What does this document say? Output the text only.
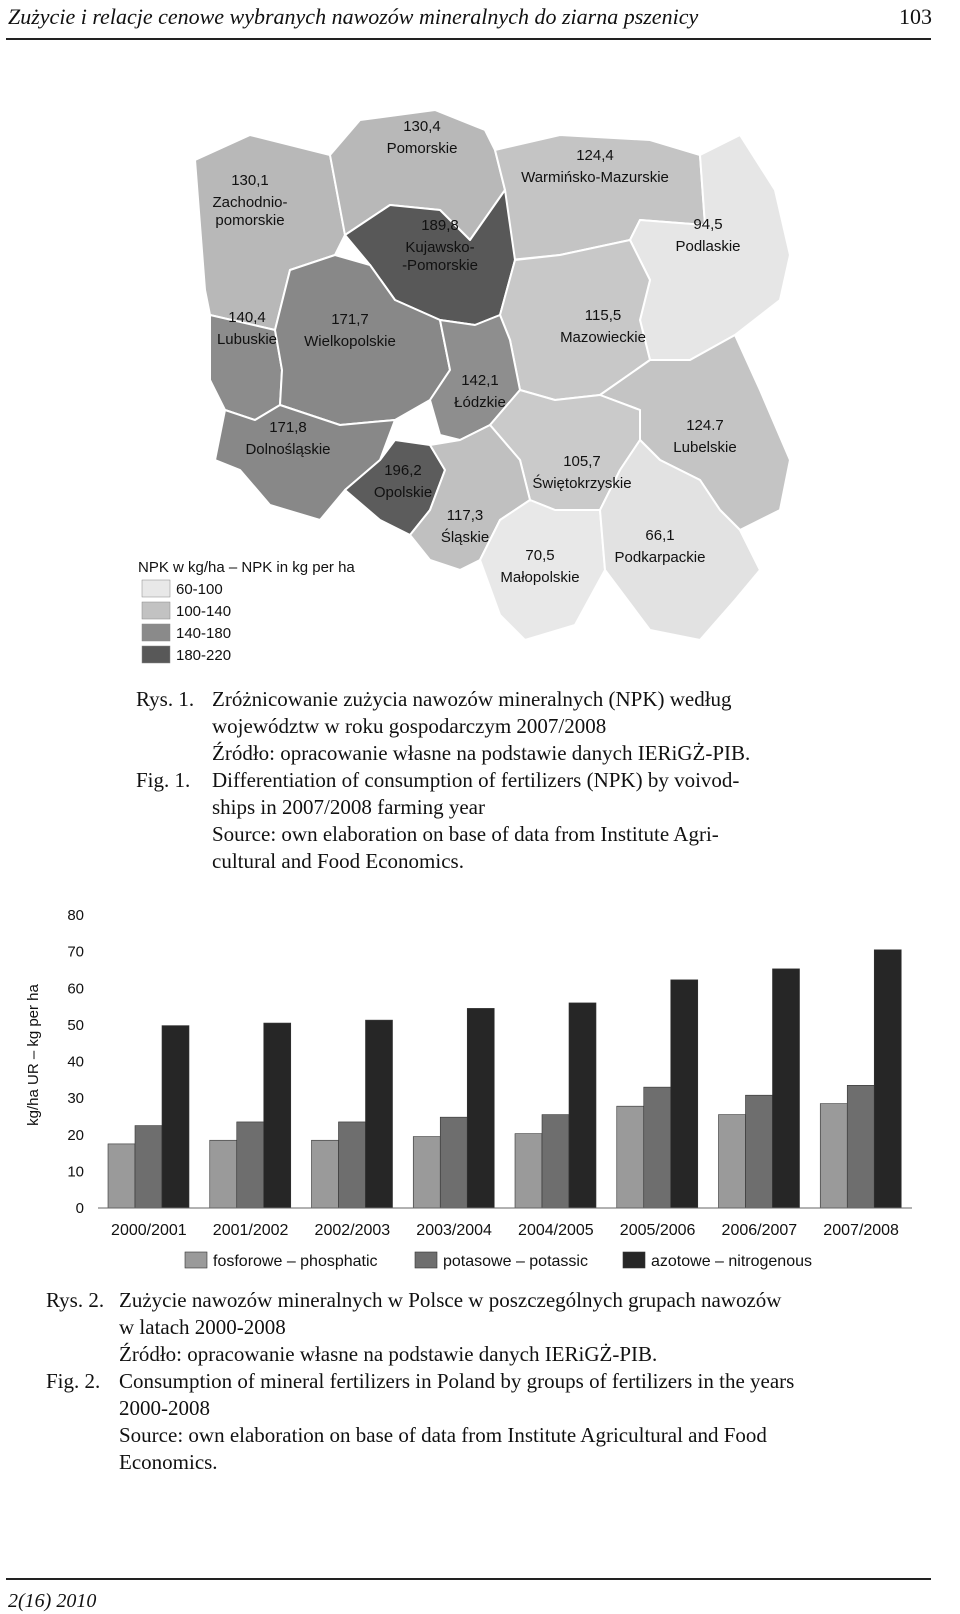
Zużycie i relacje cenowe wybranych nawozów mineralnych do ziarna pszenicy	103
130,1
Zachodnio-
pomorskie
130,4
Pomorskie	124,4
Warmińsko-Mazurskie
94,5
Podlaskie
189,8
Kujawsko-
-Pomorskie
140,4
Lubuskie
171,7
Wielkopolskie
115,5
Mazowieckie
142,1
Łódzkie
171,8
Dolnośląskie
196,2
Opolskie
124.7
Lubelskie
105,7
Świętokrzyskie
117,3
Śląskie
70,5
Małopolskie
66,1
Podkarpackie
NPK w kg/ha – NPK in kg per ha
60-100
100-140
140-180
180-220
Rys. 1. Zróżnicowanie zużycia nawozów mineralnych (NPK) według
województw w roku gospodarczym 2007/2008
Źródło: opracowanie własne na podstawie danych IERiGŻ-PIB.
Fig. 1. Differentiation of consumption of fertilizers (NPK) by voivod-
ships in 2007/2008 farming year
Source: own elaboration on base of data from Institute Agri-
cultural and Food Economics.
kg/ha UR – kg per ha
0
10
20
30
40
50
60
70
80
2000/2001 2001/2002 2002/2003 2003/2004 2004/2005 2005/2006 2006/2007 2007/2008
fosforowe – phosphatic	potasowe – potassic	azotowe – nitrogenous
Rys. 2. Zużycie nawozów mineralnych w Polsce w poszczególnych grupach nawozów
w latach 2000-2008
Źródło: opracowanie własne na podstawie danych IERiGŻ-PIB.
Fig. 2. Consumption of mineral fertilizers in Poland by groups of fertilizers in the years
2000-2008
Source: own elaboration on base of data from Institute Agricultural and Food
Economics.
2(16) 2010
